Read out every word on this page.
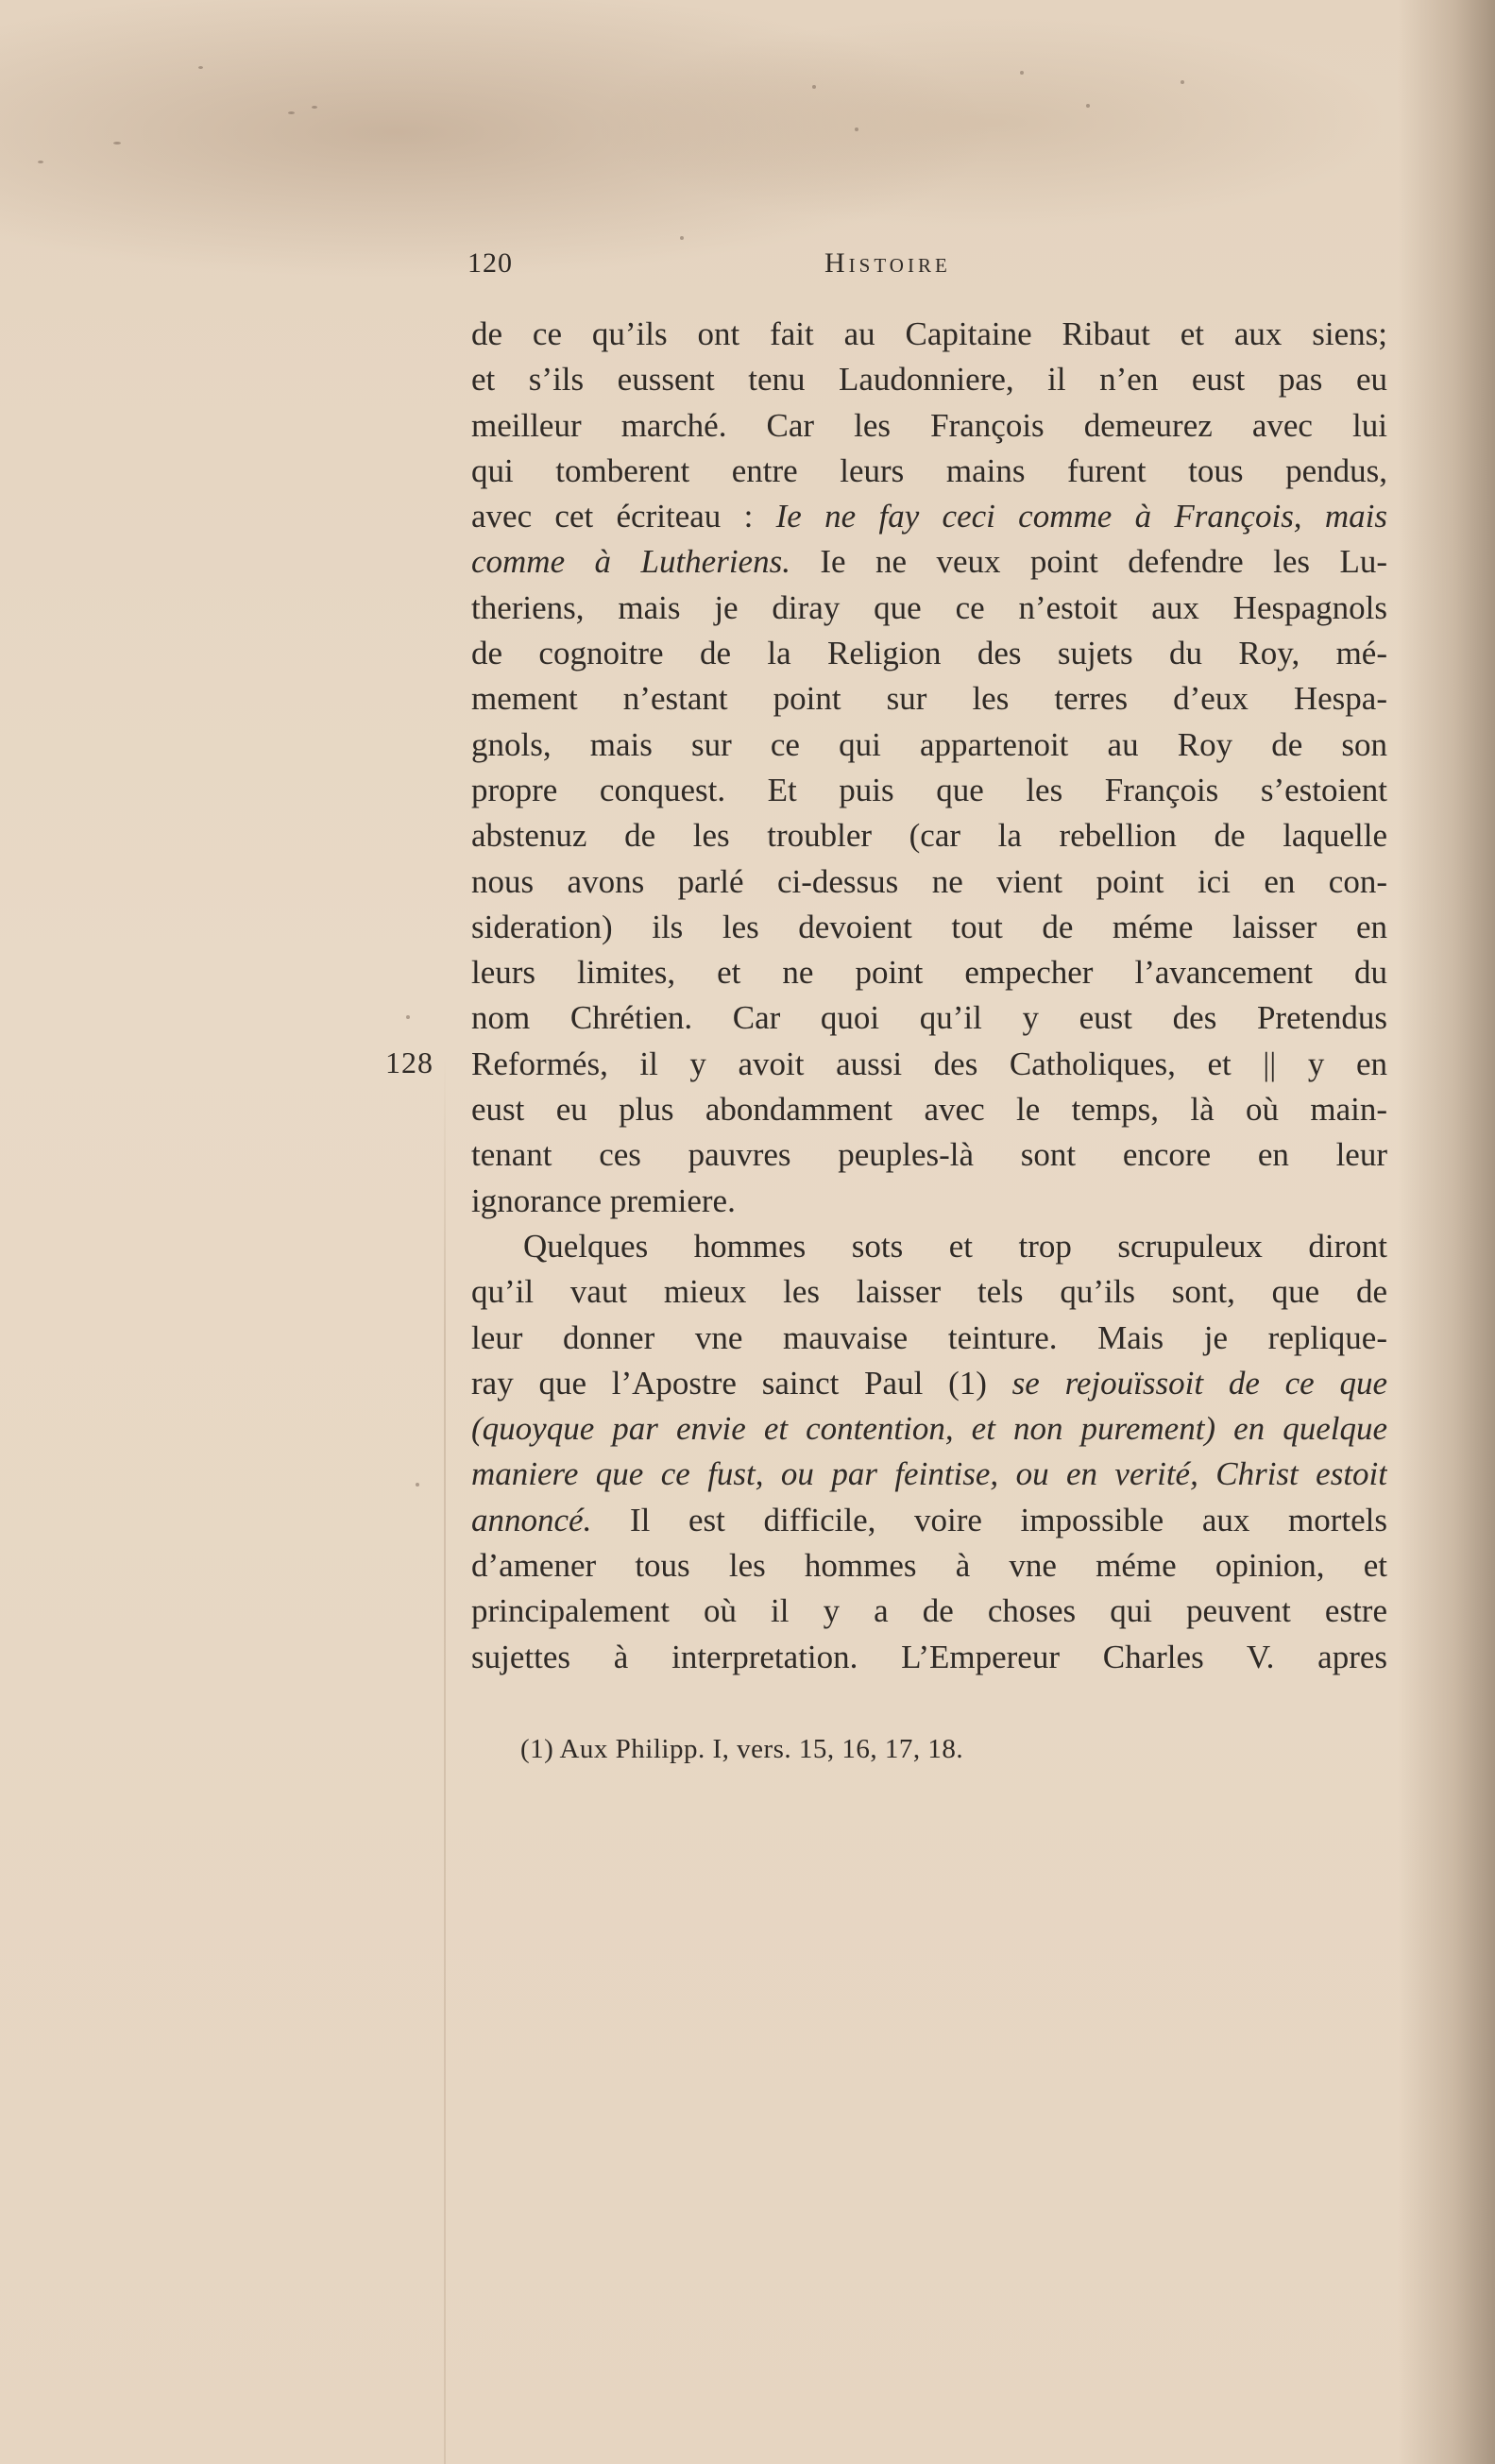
120	Histoire
128
de ce qu’ils ont fait au Capitaine Ribaut et aux siens;
et s’ils eussent tenu Laudonniere, il n’en eust pas eu
meilleur marché. Car les François demeurez avec lui
qui tomberent entre leurs mains furent tous pendus,
avec cet écriteau : Ie ne fay ceci comme à François, mais
comme à Lutheriens. Ie ne veux point defendre les Lu-
theriens, mais je diray que ce n’estoit aux Hespagnols
de cognoitre de la Religion des sujets du Roy, mé-
mement n’estant point sur les terres d’eux Hespa-
gnols, mais sur ce qui appartenoit au Roy de son
propre conquest. Et puis que les François s’estoient
abstenuz de les troubler (car la rebellion de laquelle
nous avons parlé ci-dessus ne vient point ici en con-
sideration) ils les devoient tout de méme laisser en
leurs limites, et ne point empecher l’avancement du
nom Chrétien. Car quoi qu’il y eust des Pretendus
Reformés, il y avoit aussi des Catholiques, et || y en
eust eu plus abondamment avec le temps, là où main-
tenant ces pauvres peuples-là sont encore en leur
ignorance premiere.
Quelques hommes sots et trop scrupuleux diront
qu’il vaut mieux les laisser tels qu’ils sont, que de
leur donner vne mauvaise teinture. Mais je replique-
ray que l’Apostre sainct Paul (1) se rejouïssoit de ce que
(quoyque par envie et contention, et non purement) en quelque
maniere que ce fust, ou par feintise, ou en verité, Christ estoit
annoncé. Il est difficile, voire impossible aux mortels
d’amener tous les hommes à vne méme opinion, et
principalement où il y a de choses qui peuvent estre
sujettes à interpretation. L’Empereur Charles V. apres
(1) Aux Philipp. I, vers. 15, 16, 17, 18.
